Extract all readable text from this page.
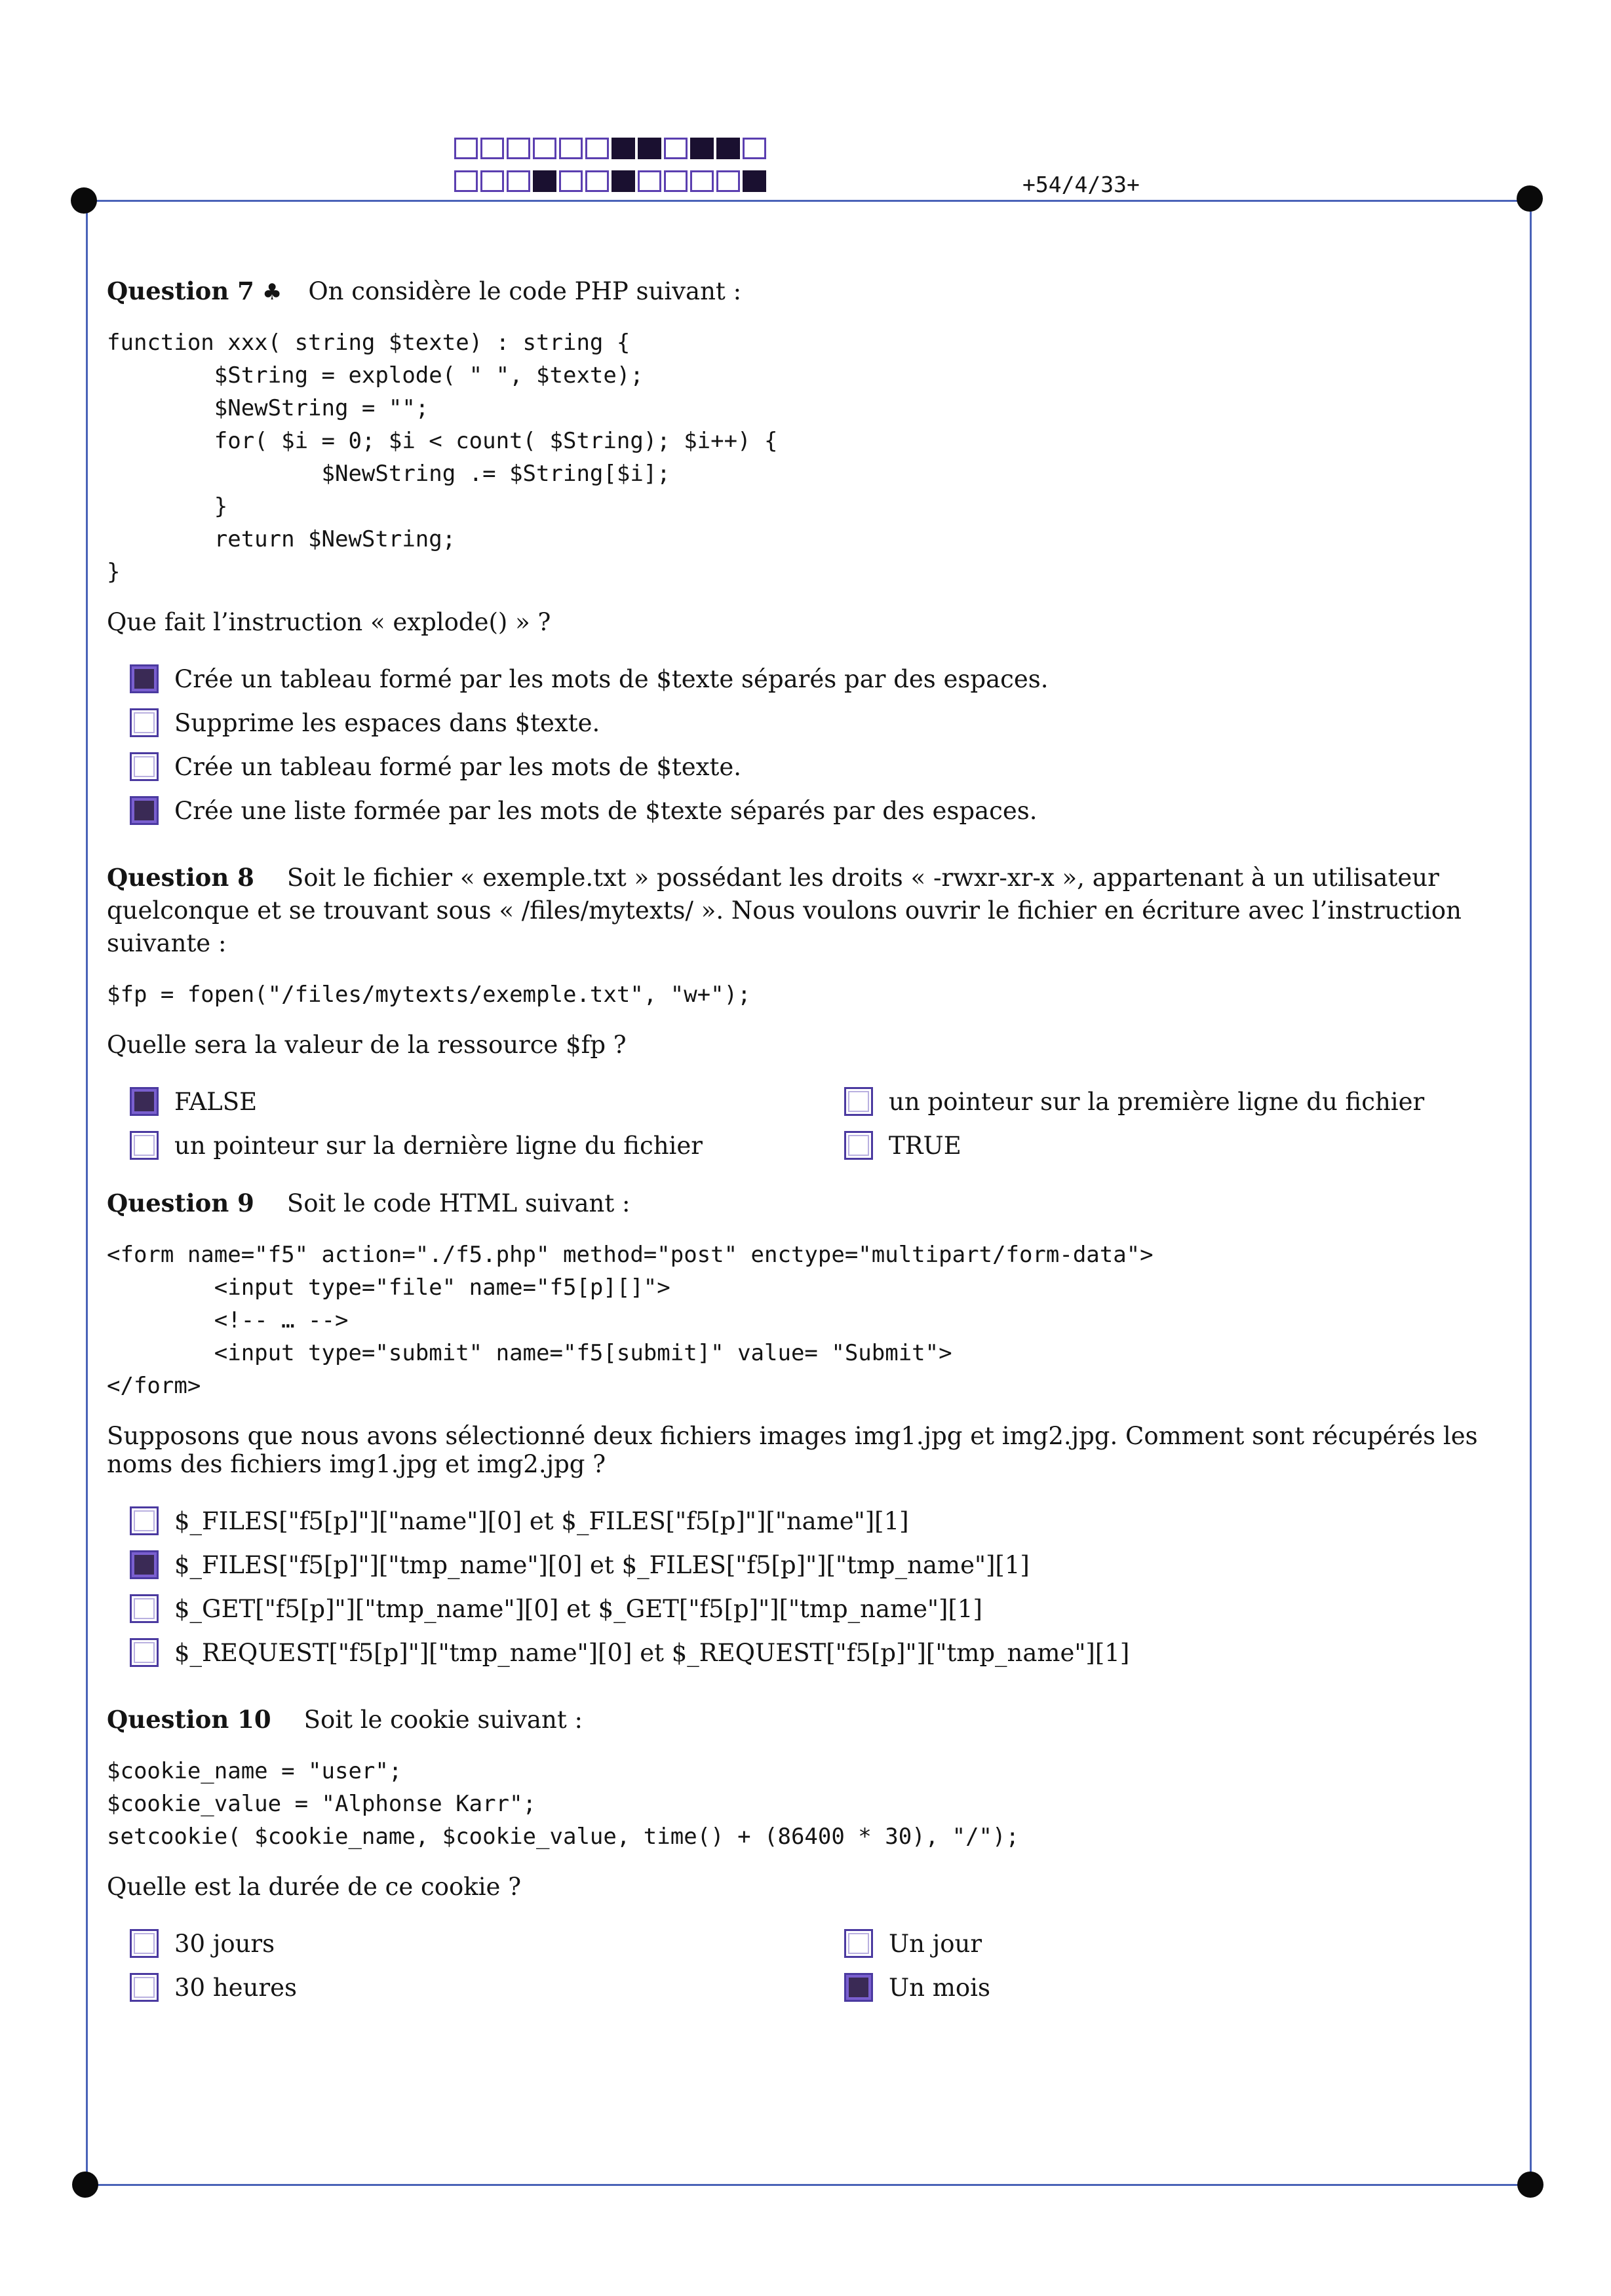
+54/4/33+
Question 7 ♣ On considère le code PHP suivant :
function xxx( string $texte) : string {
$String = explode( " ", $texte);
$NewString = "";
for( $i = 0; $i < count( $String); $i++) {
$NewString .= $String[$i];
}
return $NewString;
}
Que fait l’instruction « explode() » ?
Crée un tableau formé par les mots de $texte séparés par des espaces.
Supprime les espaces dans $texte.
Crée un tableau formé par les mots de $texte.
Crée une liste formée par les mots de $texte séparés par des espaces.
Question 8 Soit le fichier « exemple.txt » possédant les droits « -rwxr-xr-x », appartenant à un utilisateur quelconque et se trouvant sous « /files/mytexts/ ». Nous voulons ouvrir le fichier en écriture avec l’instruction suivante :
$fp = fopen("/files/mytexts/exemple.txt", "w+");
Quelle sera la valeur de la ressource $fp ?
FALSE	un pointeur sur la première ligne du fichier
un pointeur sur la dernière ligne du fichier	TRUE
Question 9 Soit le code HTML suivant :
<form name="f5" action="./f5.php" method="post" enctype="multipart/form-data">
<input type="file" name="f5[p][]">
<!-- … -->
<input type="submit" name="f5[submit]" value= "Submit">
</form>
Supposons que nous avons sélectionné deux fichiers images img1.jpg et img2.jpg. Comment sont récupérés les noms des fichiers img1.jpg et img2.jpg ?
$_FILES["f5[p]"]["name"][0] et $_FILES["f5[p]"]["name"][1]
$_FILES["f5[p]"]["tmp_name"][0] et $_FILES["f5[p]"]["tmp_name"][1]
$_GET["f5[p]"]["tmp_name"][0] et $_GET["f5[p]"]["tmp_name"][1]
$_REQUEST["f5[p]"]["tmp_name"][0] et $_REQUEST["f5[p]"]["tmp_name"][1]
Question 10 Soit le cookie suivant :
$cookie_name = "user";
$cookie_value = "Alphonse Karr";
setcookie( $cookie_name, $cookie_value, time() + (86400 * 30), "/");
Quelle est la durée de ce cookie ?
30 jours	Un jour
30 heures	Un mois
